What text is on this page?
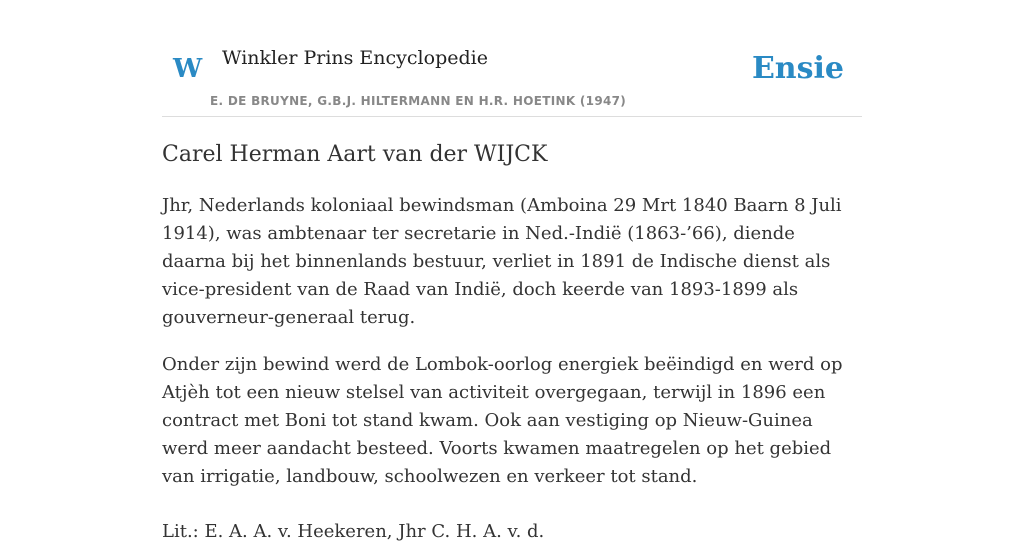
W Winkler Prins Encyclopedie
E. DE BRUYNE, G.B.J. HILTERMANN EN H.R. HOETINK (1947)
Ensie
Carel Herman Aart van der WIJCK

Jhr, Nederlands koloniaal bewindsman (Amboina 29 Mrt 1840 Baarn 8 Juli 1914), was ambtenaar ter secretarie in Ned.-Indië (1863-’66), diende daarna bij het binnenlands bestuur, verliet in 1891 de Indische dienst als vice-president van de Raad van Indië, doch keerde van 1893-1899 als gouverneur-generaal terug.

Onder zijn bewind werd de Lombok-oorlog energiek beëindigd en werd op Atjèh tot een nieuw stelsel van activiteit overgegaan, terwijl in 1896 een contract met Boni tot stand kwam. Ook aan vestiging op Nieuw-Guinea werd meer aandacht besteed. Voorts kwamen maatregelen op het gebied van irrigatie, landbouw, schoolwezen en verkeer tot stand.

Lit.: E. A. A. v. Heekeren, Jhr C. H. A. v. d.
